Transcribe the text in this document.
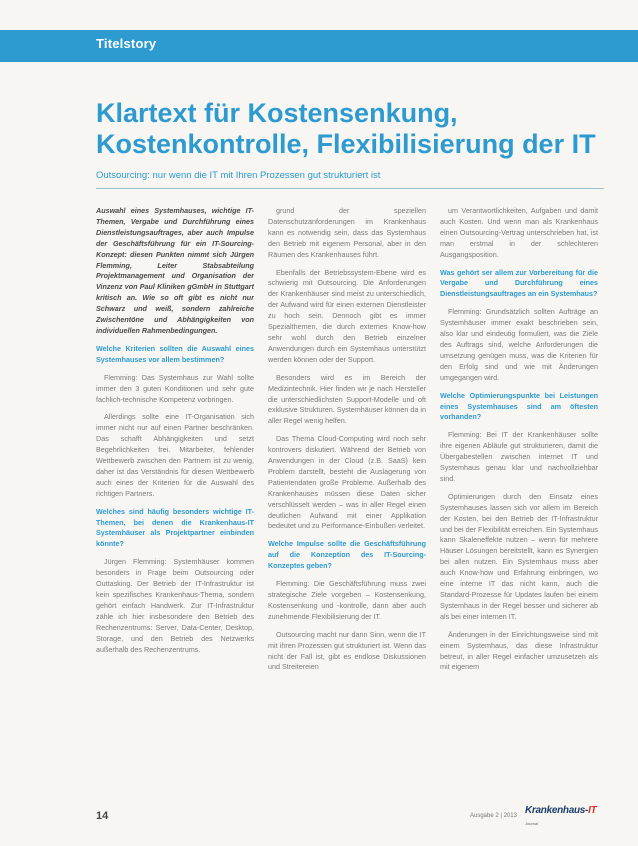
Titelstory
Klartext für Kostensenkung, Kostenkontrolle, Flexibilisierung der IT
Outsourcing: nur wenn die IT mit Ihren Prozessen gut strukturiert ist

Auswahl eines Systemhauses, wichtige IT-Themen, Vergabe und Durchführung eines Dienstleistungsauftrages, aber auch Impulse der Geschäftsführung für ein IT-Sourcing-Konzept: diesen Punkten nimmt sich Jürgen Flemming, Leiter Stabsabteilung Projektmanagement und Organisation der Vinzenz von Paul Kliniken gGmbH in Stuttgart kritisch an. Wie so oft gibt es nicht nur Schwarz und weiß, sondern zahlreiche Zwischentöne und Abhängigkeiten von individuellen Rahmenbedingungen.

Welche Kriterien sollten die Auswahl eines Systemhauses vor allem bestimmen?

Flemming: Das Systemhaus zur Wahl sollte immer den 3 guten Konditionen und sehr gute fachlich-technische Kompetenz vorbringen.

Allerdings sollte eine IT-Organisation sich immer nicht nur auf einen Partner beschränken. Das schafft Abhängigkeiten und setzt Begehrlichkeiten frei. Mitarbeiter, fehlender Wettbewerb zwischen den Partnern ist zu wenig, daher ist das Verständnis für diesen Wettbewerb auch eines der Kriterien für die Auswahl des richtigen Partners.

Welches sind häufig besonders wichtige IT-Themen, bei denen die Krankenhaus-IT Systemhäuser als Projektpartner einbinden könnte?

Jürgen Flemming: Systemhäuser kommen besonders in Frage beim Outsourcing oder Outtasking. Der Betrieb der IT-Infrastruktur ist kein spezifisches Krankenhaus-Thema, sondern gehört einfach Handwerk. Zur IT-Infrastruktur zähle ich hier insbesondere den Betrieb des Rechenzentrums: Server, Data-Center, Desktop, Storage, und den Betrieb des Netzwerks außerhalb des Rechenzentrums.

grund der speziellen Datenschutzanforderungen im Krankenhaus kann es notwendig sein, dass das Systemhaus den Betrieb mit eigenem Personal, aber in den Räumen des Krankenhauses führt.

Ebenfalls der Betriebssystem-Ebene wird es schwierig mit Outsourcing. Die Anforderungen der Krankenhäuser sind meist zu unterschiedlich, der Aufwand wird für einen externen Dienstleister zu hoch sein. Dennoch gibt es immer Spezialthemen, die durch externes Know-how sehr wohl durch den Betrieb einzelner Anwendungen durch ein Systemhaus unterstützt werden können oder der Support.

Besonders wird es im Bereich der Medizintechnik. Hier finden wir je nach Hersteller die unterschiedlichsten Support-Modelle und oft exklusive Strukturen. Systemhäuser können da in aller Regel wenig helfen.

Das Thema Cloud-Computing wird noch sehr kontrovers diskutiert. Während der Betrieb von Anwendungen in der Cloud (z.B. SaaS) kein Problem darstellt, besteht die Auslagerung von Patientendaten große Probleme. Außerhalb des Krankenhauses müssen diese Daten sicher verschlüsselt werden – was in aller Regel einen deutlichen Aufwand mit einer Applikation bedeutet und zu Performance-Einbußen verleitet.

Welche Impulse sollte die Geschäftsführung auf die Konzeption des IT-Sourcing-Konzeptes geben?

Flemming: Die Geschäftsführung muss zwei strategische Ziele vorgeben – Kostensenkung, Kostensenkung und -kontrolle, dann aber auch zunehmende Flexibilisierung der IT.

Outsourcing macht nur dann Sinn, wenn die IT mit ihren Prozessen gut strukturiert ist. Wenn das nicht der Fall ist, gibt es endlose Diskussionen und Streitereien

um Verantwortlichkeiten, Aufgaben und damit auch Kosten. Und wenn man als Krankenhaus einen Outsourcing-Vertrag unterschrieben hat, ist man erstmal in der schlechteren Ausgangsposition.

Was gehört ser allem zur Vorbereitung für die Vergabe und Durchführung eines Dienstleistungsauftrages an ein Systemhaus?

Flemming: Grundsätzlich sollten Aufträge an Systemhäuser immer exakt beschrieben sein, also klar und eindeutig formuliert, was die Ziele des Auftrags sind, welche Anforderungen die umsetzung genügen muss, was die Kriterien für den Erfolg sind und wie mit Änderungen umgegangen wird.

Welche Optimierungspunkte bei Leistungen eines Systemhauses sind am öftesten vorhanden?

Flemming: Bei IT der Krankenhäuser sollte ihre eigenen Abläufe gut strukturieren, damit die Übergabestellen zwischen internet IT und Systemhaus genau klar und nachvollziehbar sind.

Optimierungen durch den Einsatz eines Systemhauses lassen sich vor allem im Bereich der Kosten, bei den Betrieb der IT-Infrastruktur und bei der Flexibilität erreichen. Ein Systemhaus kann Skaleneffekte nutzen – wenn für mehrere Häuser Lösungen bereitstellt, kann es Synergien bei allen nutzen. Ein Systemhaus muss aber auch Know-how und Erfahrung einbringen, wo eine interne IT das nicht kann, auch die Standard-Prozesse für Updates laufen bei einem Systemhaus in der Regel besser und sicherer ab als bei einer internen IT.

Änderungen in der Einrichtungsweise sind mit einem Systemhaus, das diese Infrastruktur betreut, in aller Regel einfacher umzusetzen als mit eigenem

14	Ausgabe 2 | 2013 Krankenhaus-IT
Journal
